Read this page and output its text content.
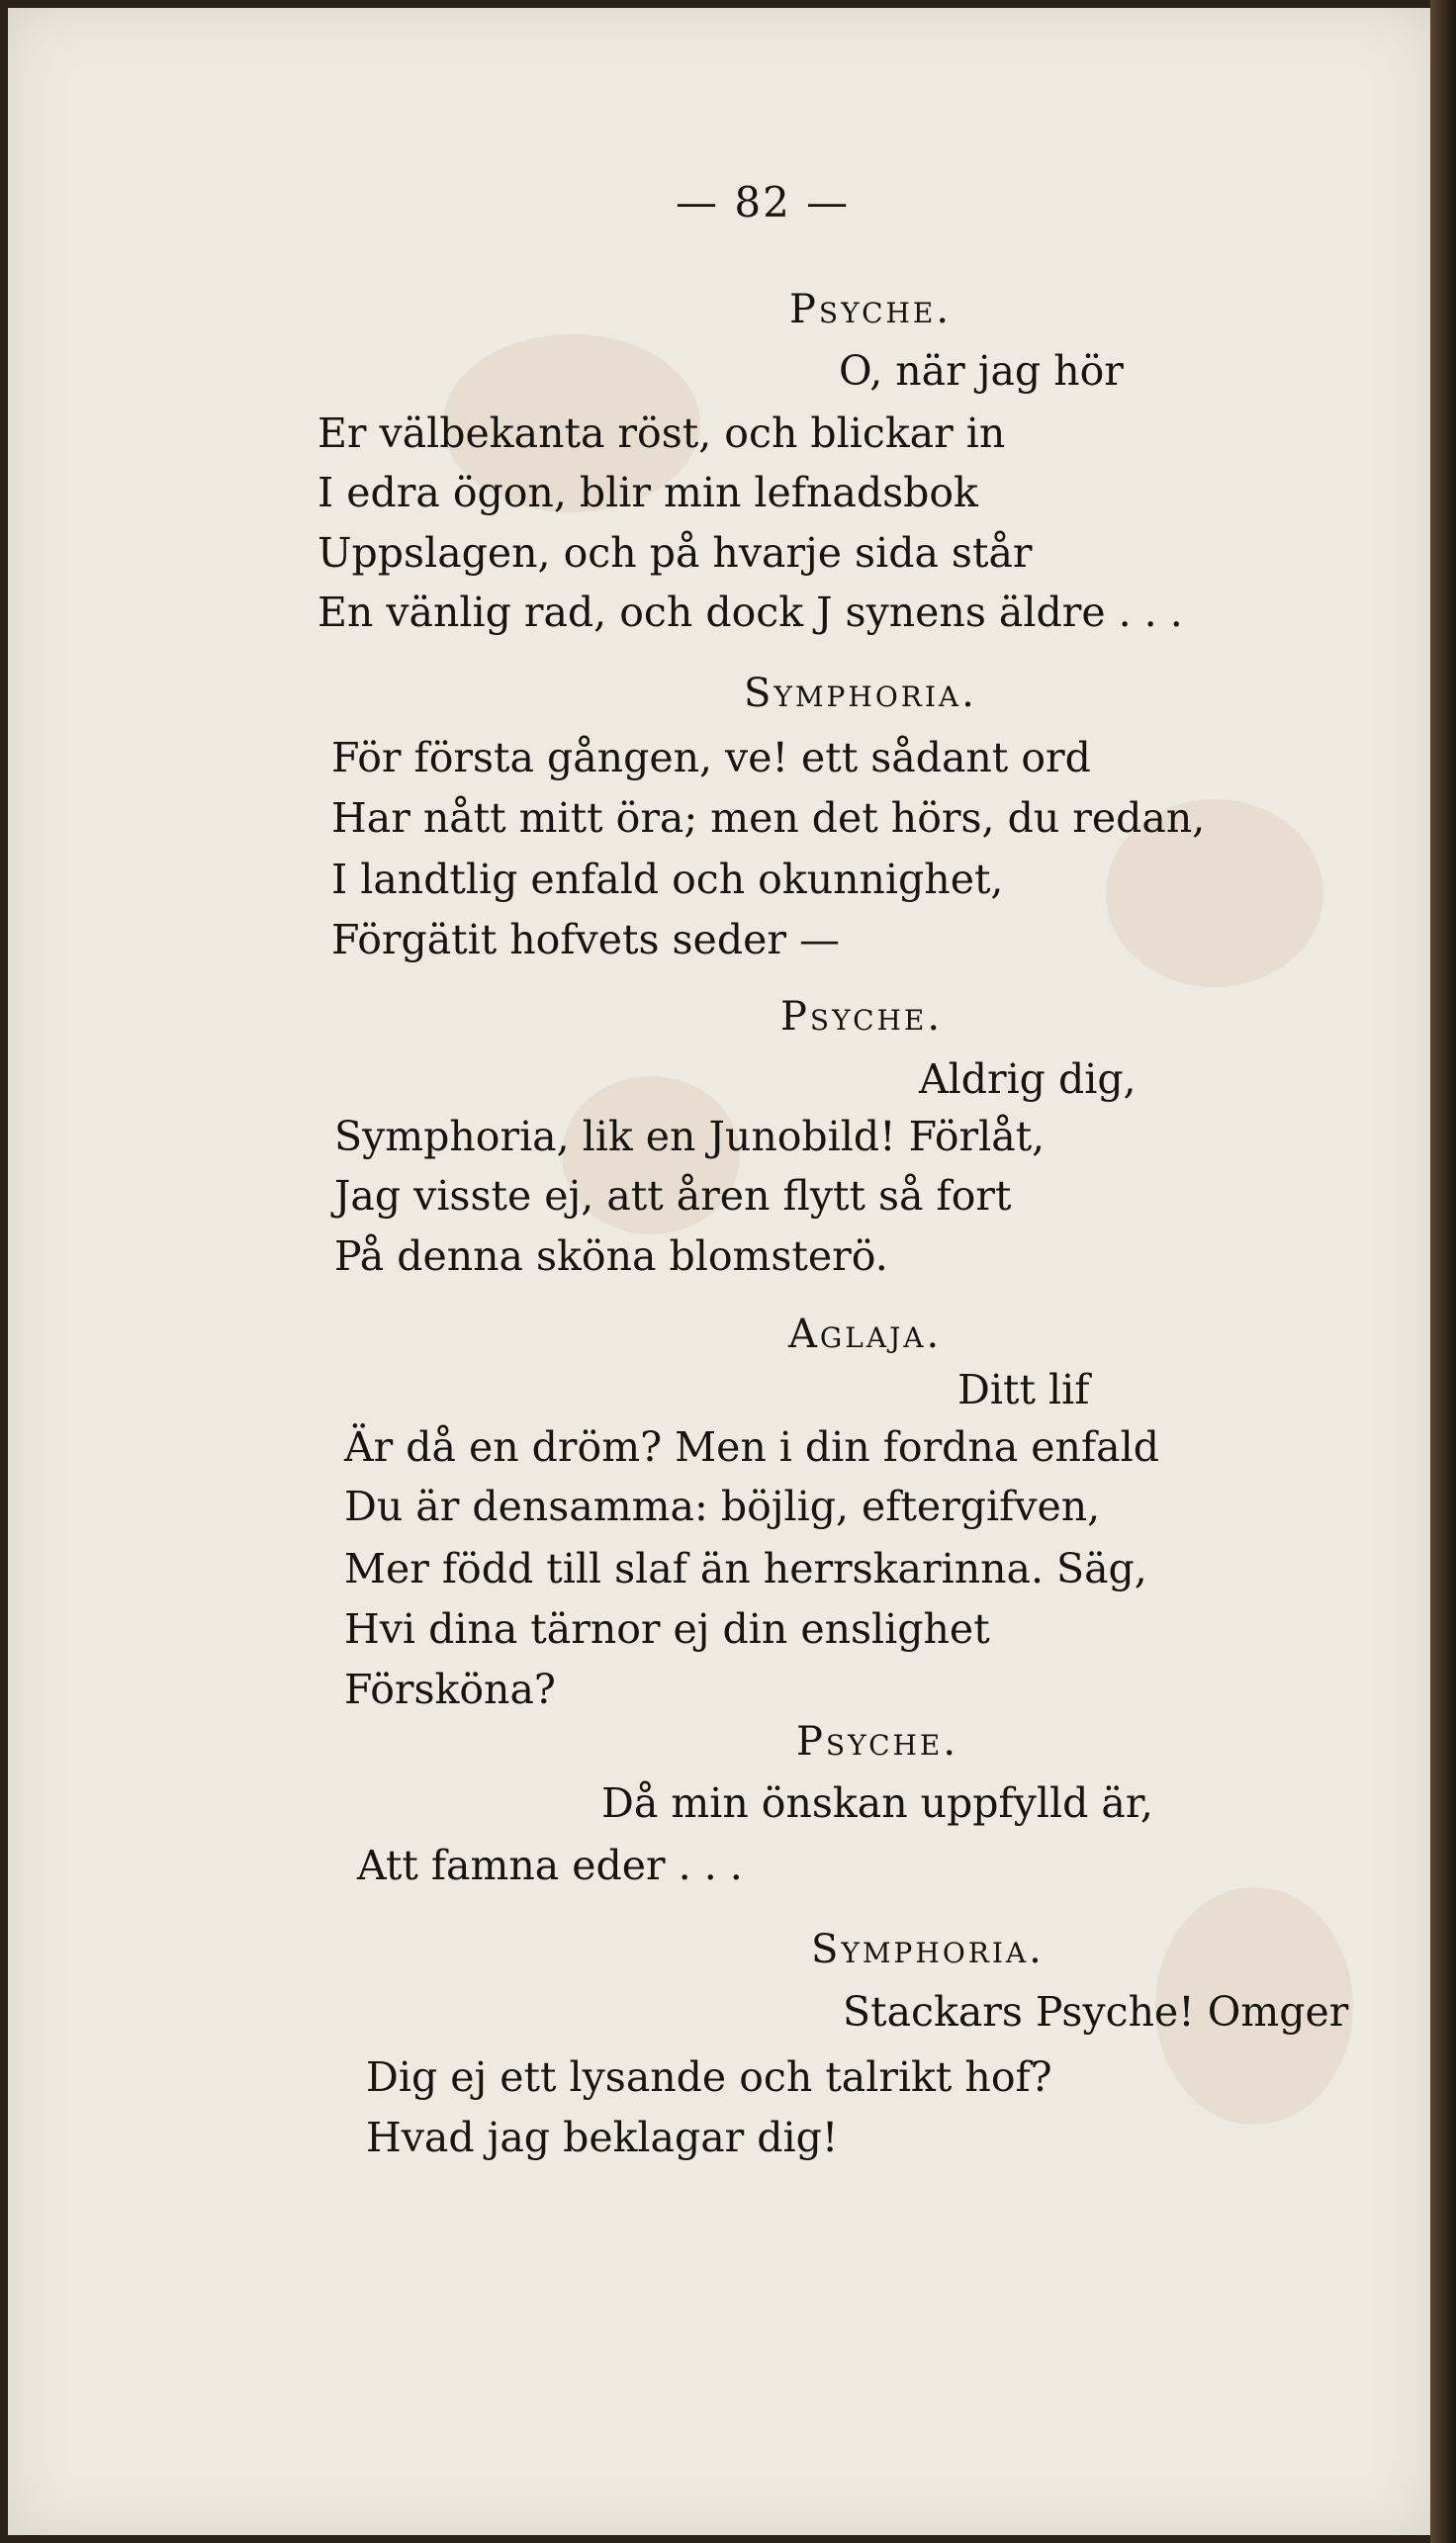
— 82 —
Psyche.
O, när jag hör
Er välbekanta röst, och blickar in
I edra ögon, blir min lefnadsbok
Uppslagen, och på hvarje sida står
En vänlig rad, och dock J synens äldre . . .
Symphoria.
För första gången, ve! ett sådant ord
Har nått mitt öra; men det hörs, du redan,
I landtlig enfald och okunnighet,
Förgätit hofvets seder —
Psyche.
Aldrig dig,
Symphoria, lik en Junobild! Förlåt,
Jag visste ej, att åren flytt så fort
På denna sköna blomsterö.
Aglaja.
Ditt lif
Är då en dröm? Men i din fordna enfald
Du är densamma: böjlig, eftergifven,
Mer född till slaf än herrskarinna. Säg,
Hvi dina tärnor ej din enslighet
Försköna?
Psyche.
Då min önskan uppfylld är,
Att famna eder . . .
Symphoria.
Stackars Psyche! Omger
Dig ej ett lysande och talrikt hof?
Hvad jag beklagar dig!
